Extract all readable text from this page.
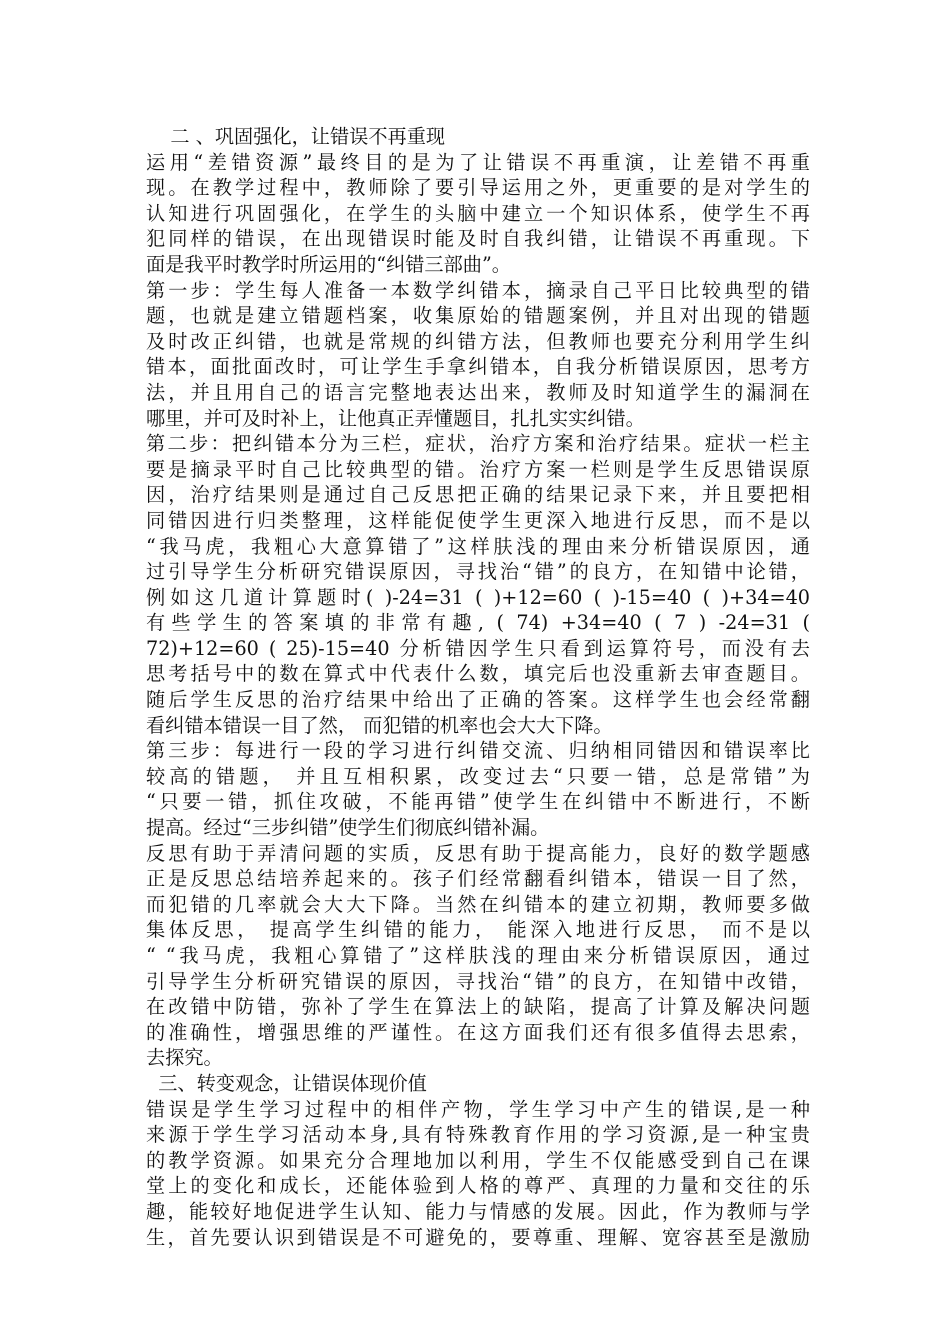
二 、巩固强化，让错误不再重现
运用“差错资源”最终目的是为了让错误不再重演，让差错不再重
现。在教学过程中，教师除了要引导运用之外，更重要的是对学生的
认知进行巩固强化，在学生的头脑中建立一个知识体系，使学生不再
犯同样的错误，在出现错误时能及时自我纠错，让错误不再重现。下
面是我平时教学时所运用的“纠错三部曲”。
第一步：学生每人准备一本数学纠错本，摘录自己平日比较典型的错
题，也就是建立错题档案，收集原始的错题案例，并且对出现的错题
及时改正纠错，也就是常规的纠错方法，但教师也要充分利用学生纠
错本，面批面改时，可让学生手拿纠错本，自我分析错误原因，思考方
法，并且用自己的语言完整地表达出来，教师及时知道学生的漏洞在
哪里，并可及时补上，让他真正弄懂题目，扎扎实实纠错。
第二步：把纠错本分为三栏，症状，治疗方案和治疗结果。症状一栏主
要是摘录平时自己比较典型的错。治疗方案一栏则是学生反思错误原
因，治疗结果则是通过自己反思把正确的结果记录下来，并且要把相
同错因进行归类整理，这样能促使学生更深入地进行反思，而不是以
“我马虎，我粗心大意算错了”这样肤浅的理由来分析错误原因，通
过引导学生分析研究错误原因，寻找治“错”的良方，在知错中论错，
例如这几道计算题时( )-24=31 ( )+12=60 ( )-15=40 ( )+34=40
有些学生的答案填的非常有趣, ( 74) +34=40 ( 7 ) -24=31 (
72)+12=60 ( 25)-15=40 分析错因学生只看到运算符号，而没有去
思考括号中的数在算式中代表什么数，填完后也没重新去审查题目。
随后学生反思的治疗结果中给出了正确的答案。这样学生也会经常翻
看纠错本错误一目了然， 而犯错的机率也会大大下降。
第三步：每进行一段的学习进行纠错交流、归纳相同错因和错误率比
较高的错题， 并且互相积累，改变过去“只要一错，总是常错”为
“只要一错，抓住攻破，不能再错”使学生在纠错中不断进行，不断
提高。经过“三步纠错”使学生们彻底纠错补漏。
反思有助于弄清问题的实质，反思有助于提高能力，良好的数学题感
正是反思总结培养起来的。孩子们经常翻看纠错本，错误一目了然，
而犯错的几率就会大大下降。当然在纠错本的建立初期，教师要多做
集体反思， 提高学生纠错的能力， 能深入地进行反思， 而不是以
“ “我马虎，我粗心算错了”这样肤浅的理由来分析错误原因，通过
引导学生分析研究错误的原因，寻找治“错”的良方，在知错中改错，
在改错中防错，弥补了学生在算法上的缺陷，提高了计算及解决问题
的准确性，增强思维的严谨性。在这方面我们还有很多值得去思索，
去探究。
三、转变观念，让错误体现价值
错误是学生学习过程中的相伴产物，学生学习中产生的错误,是一种
来源于学生学习活动本身,具有特殊教育作用的学习资源,是一种宝贵
的教学资源。如果充分合理地加以利用，学生不仅能感受到自己在课
堂上的变化和成长，还能体验到人格的尊严、真理的力量和交往的乐
趣，能较好地促进学生认知、能力与情感的发展。因此，作为教师与学
生，首先要认识到错误是不可避免的，要尊重、理解、宽容甚至是激励
